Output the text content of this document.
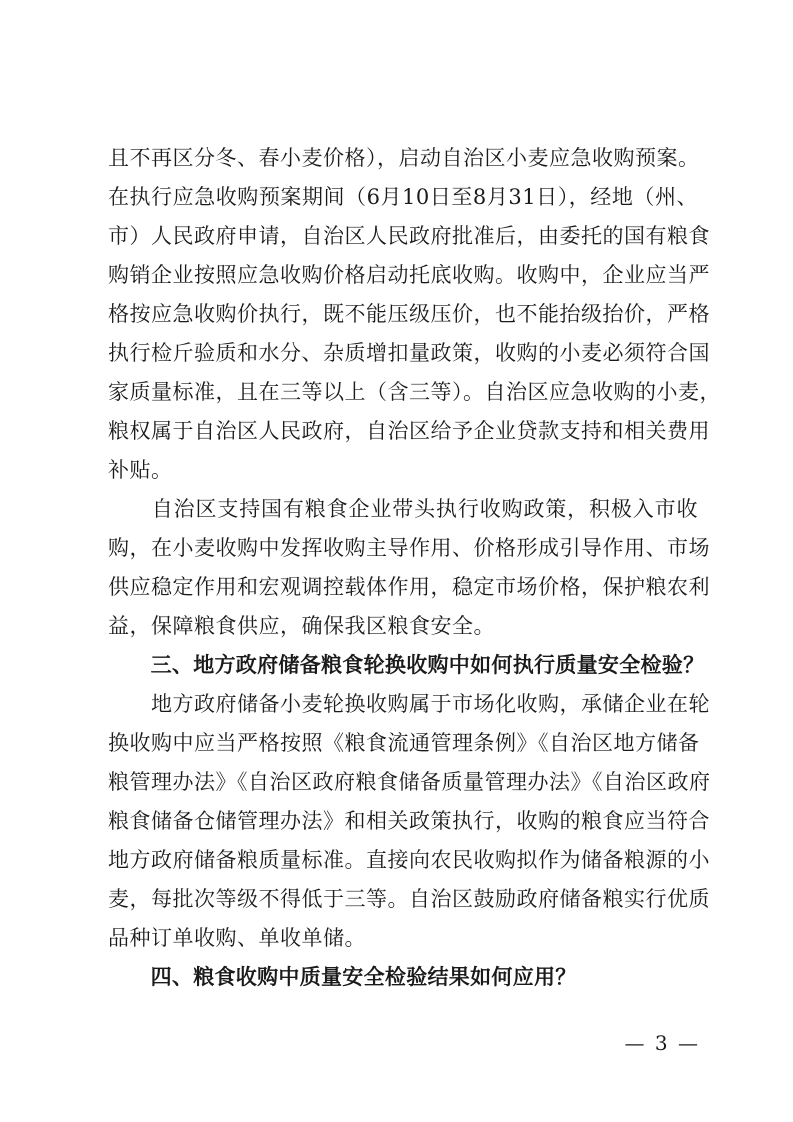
且不再区分冬、春小麦价格），启动自治区小麦应急收购预案。
在执行应急收购预案期间（6月10日至8月31日），经地（州、
市）人民政府申请，自治区人民政府批准后，由委托的国有粮食
购销企业按照应急收购价格启动托底收购。收购中，企业应当严
格按应急收购价执行，既不能压级压价，也不能抬级抬价，严格
执行检斤验质和水分、杂质增扣量政策，收购的小麦必须符合国
家质量标准，且在三等以上（含三等）。自治区应急收购的小麦，
粮权属于自治区人民政府，自治区给予企业贷款支持和相关费用
补贴。
　　自治区支持国有粮食企业带头执行收购政策，积极入市收
购，在小麦收购中发挥收购主导作用、价格形成引导作用、市场
供应稳定作用和宏观调控载体作用，稳定市场价格，保护粮农利
益，保障粮食供应，确保我区粮食安全。
　　三、地方政府储备粮食轮换收购中如何执行质量安全检验？
　　地方政府储备小麦轮换收购属于市场化收购，承储企业在轮
换收购中应当严格按照《粮食流通管理条例》《自治区地方储备
粮管理办法》《自治区政府粮食储备质量管理办法》《自治区政府
粮食储备仓储管理办法》和相关政策执行，收购的粮食应当符合
地方政府储备粮质量标准。直接向农民收购拟作为储备粮源的小
麦，每批次等级不得低于三等。自治区鼓励政府储备粮实行优质
品种订单收购、单收单储。
　　四、粮食收购中质量安全检验结果如何应用？
— 3 —
